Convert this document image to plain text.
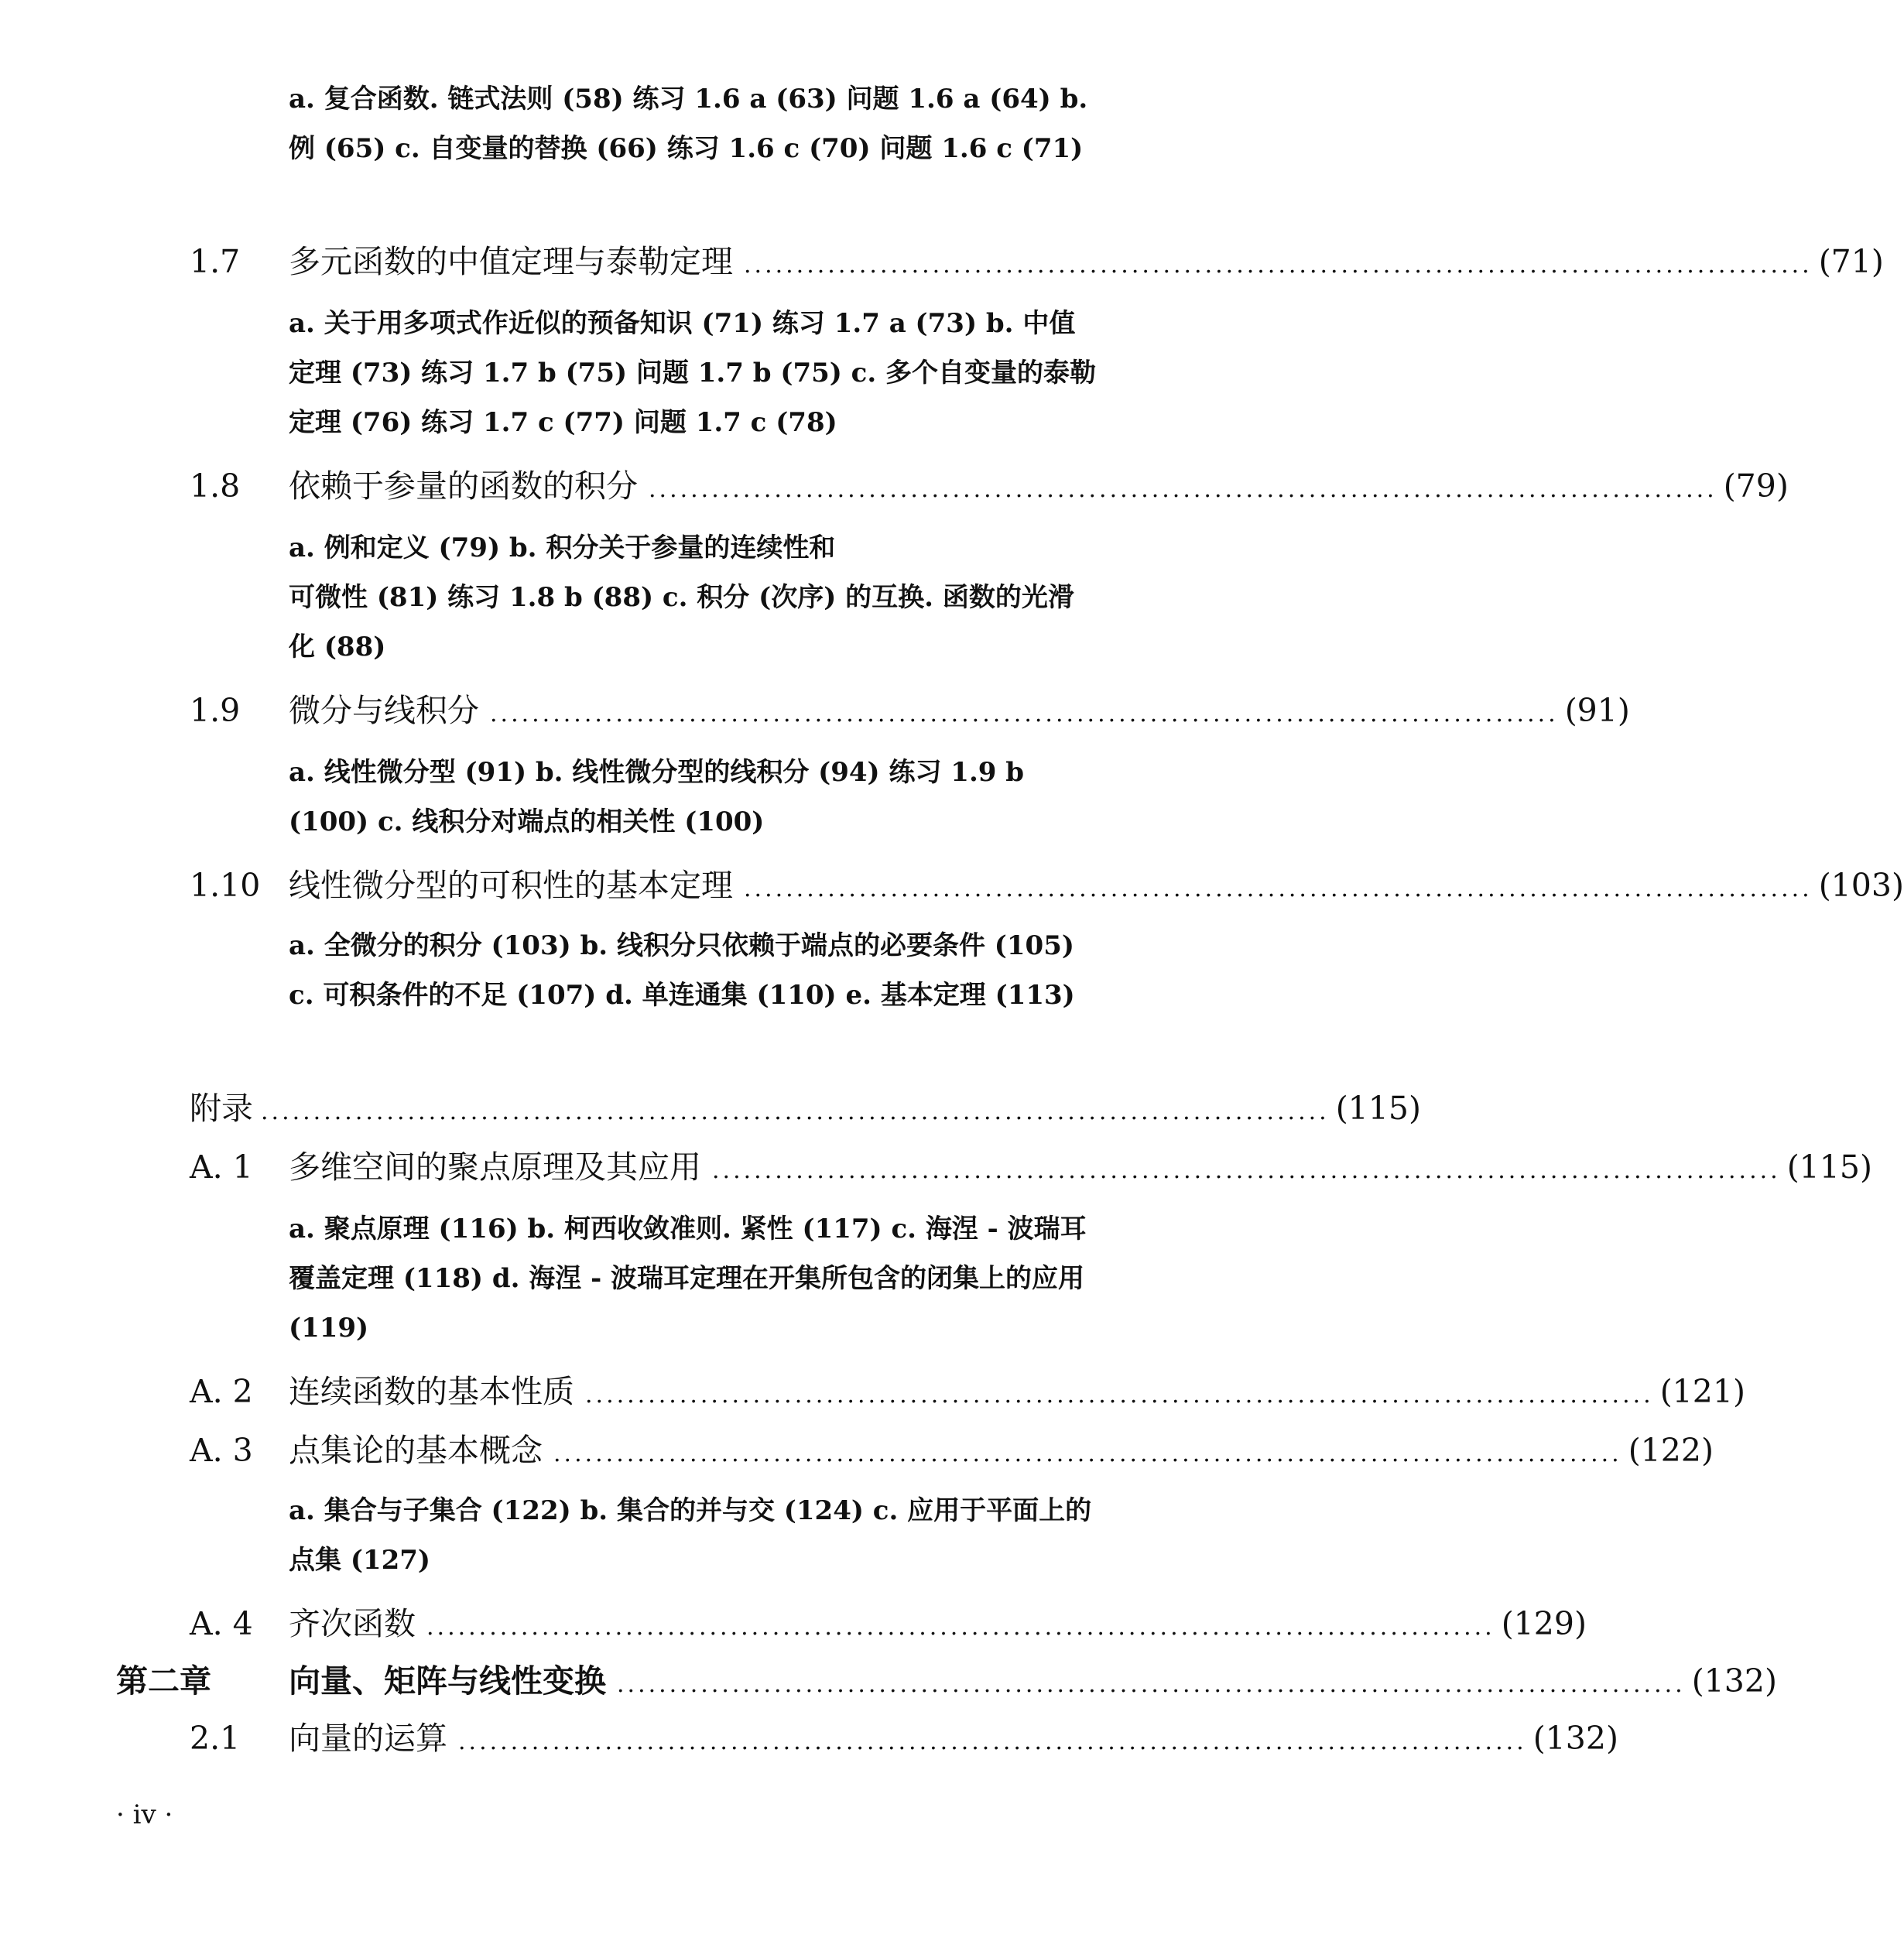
a. 复合函数. 链式法则 (58) 练习 1.6 a (63) 问题 1.6 a (64) b. 例 (65) c. 自变量的替换 (66) 练习 1.6 c (70) 问题 1.6 c (71)

1.7	多元函数的中值定理与泰勒定理 ...................................................................................................... (71)

a. 关于用多项式作近似的预备知识 (71) 练习 1.7 a (73) b. 中值定理 (73) 练习 1.7 b (75) 问题 1.7 b (75) c. 多个自变量的泰勒定理 (76) 练习 1.7 c (77) 问题 1.7 c (78)

1.8	依赖于参量的函数的积分 ...................................................................................................... (79)

a. 例和定义 (79) b. 积分关于参量的连续性和

可微性 (81) 练习 1.8 b (88) c. 积分 (次序) 的互换. 函数的光滑化 (88)

1.9	微分与线积分 ...................................................................................................... (91)

a. 线性微分型 (91) b. 线性微分型的线积分 (94) 练习 1.9 b (100) c. 线积分对端点的相关性 (100)

1.10 线性微分型的可积性的基本定理 ...................................................................................................... (103)

a. 全微分的积分 (103) b. 线积分只依赖于端点的必要条件 (105) c. 可积条件的不足 (107) d. 单连通集 (110) e. 基本定理 (113)

附录 ...................................................................................................... (115)
A. 1	多维空间的聚点原理及其应用 ...................................................................................................... (115)

a. 聚点原理 (116) b. 柯西收敛准则. 紧性 (117) c. 海涅 - 波瑞耳覆盖定理 (118) d. 海涅 - 波瑞耳定理在开集所包含的闭集上的应用 (119)

A. 2	连续函数的基本性质 ...................................................................................................... (121)
A. 3	点集论的基本概念 ...................................................................................................... (122)

a. 集合与子集合 (122) b. 集合的并与交 (124) c. 应用于平面上的点集 (127)

A. 4	齐次函数 ...................................................................................................... (129)
第二章	向量、矩阵与线性变换 ...................................................................................................... (132)
2.1	向量的运算 ...................................................................................................... (132)
· iv ·
